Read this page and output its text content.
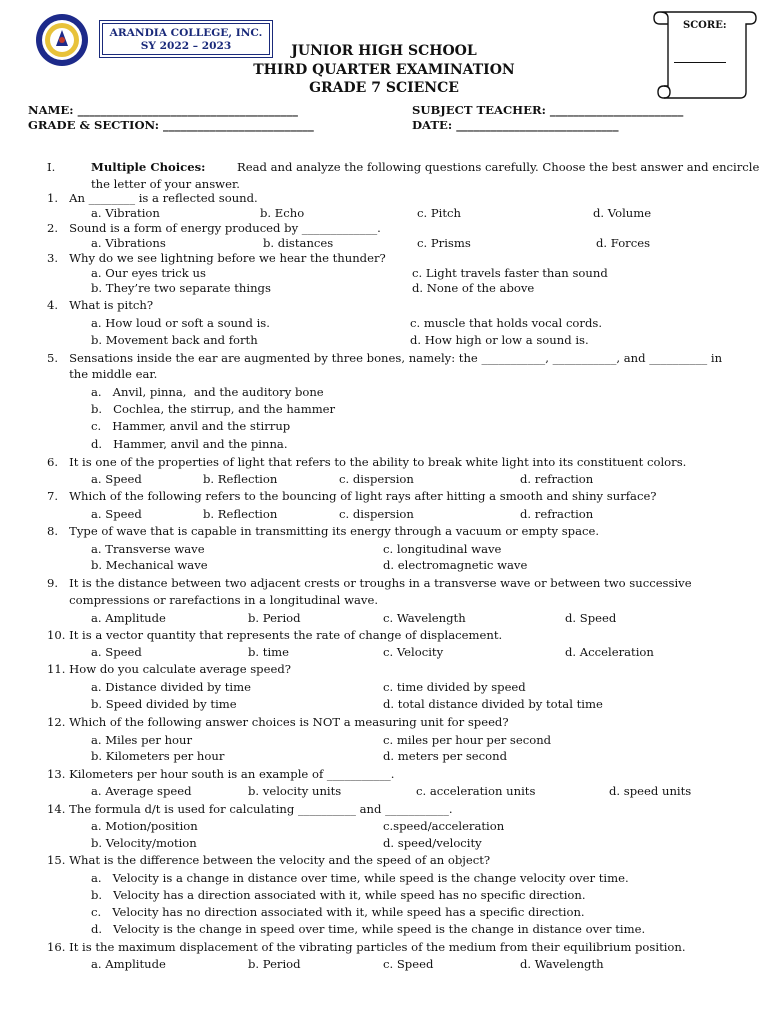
ARANDIA COLLEGE, INC.
SY 2022 – 2023	JUNIOR HIGH SCHOOL
THIRD QUARTER EXAMINATION
GRADE 7 SCIENCE
SCORE:
NAME: ______________________________________
GRADE & SECTION: __________________________
SUBJECT TEACHER: _______________________
DATE: ____________________________
I.	Multiple Choices:	Read and analyze the following questions carefully. Choose the best answer and encircle
the letter of your answer.
1.   An ________ is a reflected sound.
a. Vibration	b. Echo	c. Pitch	d. Volume
2.   Sound is a form of energy produced by _____________.
a. Vibrations	b. distances	c. Prisms	d. Forces
3.   Why do we see lightning before we hear the thunder?
a. Our eyes trick us	c. Light travels faster than sound
b. They’re two separate things	d. None of the above
4.   What is pitch?
a. How loud or soft a sound is.	c. muscle that holds vocal cords.
b. Movement back and forth	d. How high or low a sound is.
5.   Sensations inside the ear are augmented by three bones, namely: the ___________, ___________, and __________ in
the middle ear.
a.   Anvil, pinna,  and the auditory bone
b.   Cochlea, the stirrup, and the hammer
c.   Hammer, anvil and the stirrup
d.   Hammer, anvil and the pinna.
6.   It is one of the properties of light that refers to the ability to break white light into its constituent colors.
a. Speed	b. Reflection	c. dispersion	d. refraction
7.   Which of the following refers to the bouncing of light rays after hitting a smooth and shiny surface?
a. Speed	b. Reflection	c. dispersion	d. refraction
8.   Type of wave that is capable in transmitting its energy through a vacuum or empty space.
a. Transverse wave	c. longitudinal wave
b. Mechanical wave	d. electromagnetic wave
9.   It is the distance between two adjacent crests or troughs in a transverse wave or between two successive
compressions or rarefactions in a longitudinal wave.
a. Amplitude	b. Period	c. Wavelength	d. Speed
10. It is a vector quantity that represents the rate of change of displacement.
a. Speed	b. time	c. Velocity	d. Acceleration
11. How do you calculate average speed?
a. Distance divided by time	c. time divided by speed
b. Speed divided by time	d. total distance divided by total time
12. Which of the following answer choices is NOT a measuring unit for speed?
a. Miles per hour	c. miles per hour per second
b. Kilometers per hour	d. meters per second
13. Kilometers per hour south is an example of ___________.
a. Average speed	b. velocity units	c. acceleration units	d. speed units
14. The formula d/t is used for calculating __________ and ___________.
a. Motion/position	c.speed/acceleration
b. Velocity/motion	d. speed/velocity
15. What is the difference between the velocity and the speed of an object?
a.   Velocity is a change in distance over time, while speed is the change velocity over time.
b.   Velocity has a direction associated with it, while speed has no specific direction.
c.   Velocity has no direction associated with it, while speed has a specific direction.
d.   Velocity is the change in speed over time, while speed is the change in distance over time.
16. It is the maximum displacement of the vibrating particles of the medium from their equilibrium position.
a. Amplitude	b. Period	c. Speed	d. Wavelength
